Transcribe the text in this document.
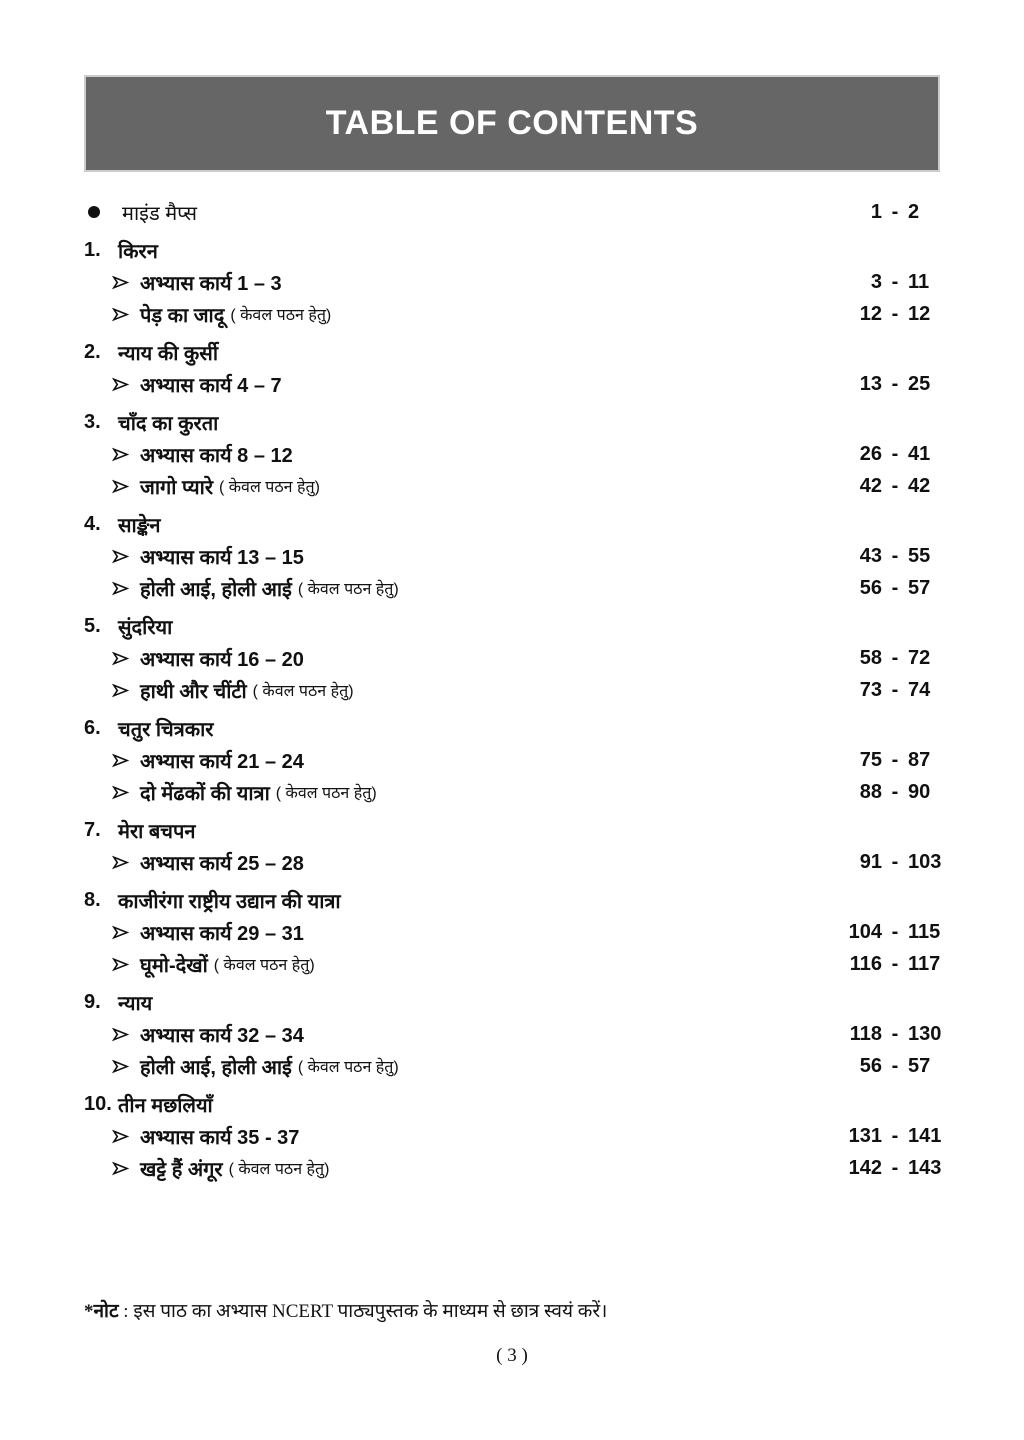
TABLE OF CONTENTS
माइंड मैप्स	1 - 2
1. किरन
अभ्यास कार्य 1 – 3	3 - 11
पेड़ का जादू ( केवल पठन हेतु)	12 - 12
2. न्याय की कुर्सी
अभ्यास कार्य 4 – 7	13 - 25
3. चाँद का कुरता
अभ्यास कार्य 8 – 12	26 - 41
जागो प्यारे ( केवल पठन हेतु)	42 - 42
4. साङ्केन
अभ्यास कार्य 13 – 15	43 - 55
होली आई, होली आई ( केवल पठन हेतु)	56 - 57
5. सुंदरिया
अभ्यास कार्य 16 – 20	58 - 72
हाथी और चींटी ( केवल पठन हेतु)	73 - 74
6. चतुर चित्रकार
अभ्यास कार्य 21 – 24	75 - 87
दो मेंढकों की यात्रा ( केवल पठन हेतु)	88 - 90
7. मेरा बचपन
अभ्यास कार्य 25 – 28	91 - 103
8. काजीरंगा राष्ट्रीय उद्यान की यात्रा
अभ्यास कार्य 29 – 31	104 - 115
घूमो-देखों ( केवल पठन हेतु)	116 - 117
9. न्याय
अभ्यास कार्य 32 – 34	118 - 130
होली आई, होली आई ( केवल पठन हेतु)	56 - 57
10. तीन मछलियाँ
अभ्यास कार्य 35 - 37	131 - 141
खट्टे हैं अंगूर ( केवल पठन हेतु)	142 - 143
*नोट : इस पाठ का अभ्यास NCERT पाठ्यपुस्तक के माध्यम से छात्र स्वयं करें।
( 3 )
